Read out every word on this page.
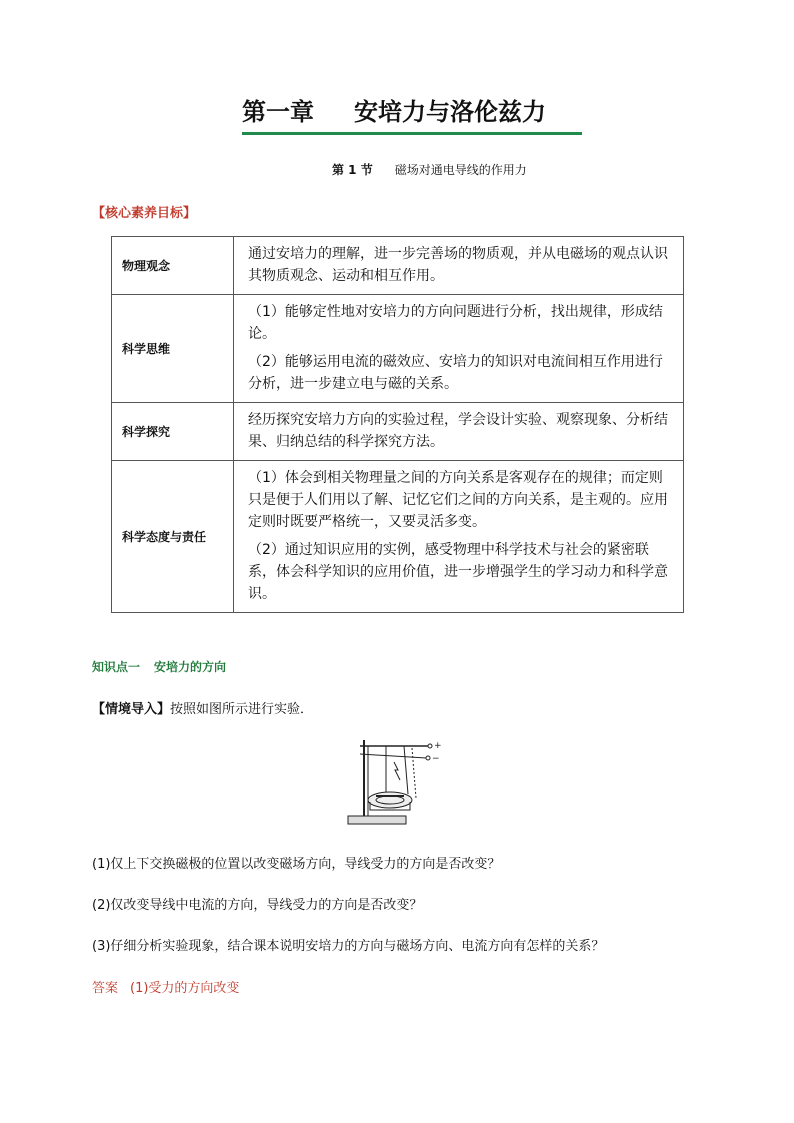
第一章 安培力与洛伦兹力
第 1 节 磁场对通电导线的作用力
【核心素养目标】
物理观念	通过安培力的理解，进一步完善场的物质观，并从电磁场的观点认识其物质观念、运动和相互作用。

科学思维	（1）能够定性地对安培力的方向问题进行分析，找出规律，形成结论。

（2）能够运用电流的磁效应、安培力的知识对电流间相互作用进行分析，进一步建立电与磁的关系。

科学探究	经历探究安培力方向的实验过程，学会设计实验、观察现象、分析结果、归纳总结的科学探究方法。

科学态度与责任	（1）体会到相关物理量之间的方向关系是客观存在的规律；而定则只是便于人们用以了解、记忆它们之间的方向关系，是主观的。应用定则时既要严格统一，又要灵活多变。

（2）通过知识应用的实例，感受物理中科学技术与社会的紧密联系，体会科学知识的应用价值，进一步增强学生的学习动力和科学意识。

知识点一 安培力的方向
【情境导入】按照如图所示进行实验．
+
−
(1)仅上下交换磁极的位置以改变磁场方向，导线受力的方向是否改变？
(2)仅改变导线中电流的方向，导线受力的方向是否改变？
(3)仔细分析实验现象，结合课本说明安培力的方向与磁场方向、电流方向有怎样的关系？
答案 (1)受力的方向改变
